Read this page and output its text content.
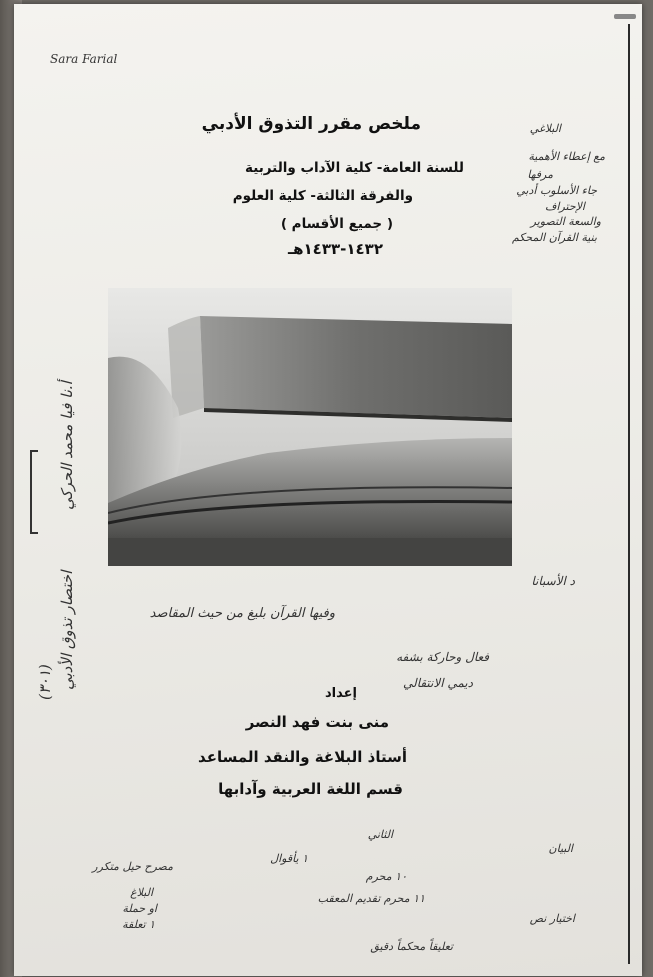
Sara Farial
ملخص مقرر التذوق الأدبي
للسنة العامة- كلية الآداب والتربية
والفرقة الثالثة- كلية العلوم
( جميع الأقسام )
١٤٣٢-١٤٣٣هـ
البلاغي
مع إعطاء الأهمية
مرفها
جاء الأسلوب أدبي
الإحتراف
والسعة التصوير
بنية القرآن المحكم
أ.نا فيا محمد الحركي
اختصار تذوق الأدبي
(٣٠١)
د الأسبانا
وفيها القرآن بليغ من حيث المقاصد
فعال وحاركة بشفه
ديمي الانتقالي
إعداد
منى بنت فهد النصر
أستاذ البلاغة والنقد المساعد
قسم اللغة العربية وآدابها
الثاني
١ يأقوال
١٠ محرم
١١ محرم تقديم المعقب
مصرح حيل متكرر
البلاغ
او حملة
١ تعلقة
البيان
اختيار نص
تعليقاً محكماً دقيق
